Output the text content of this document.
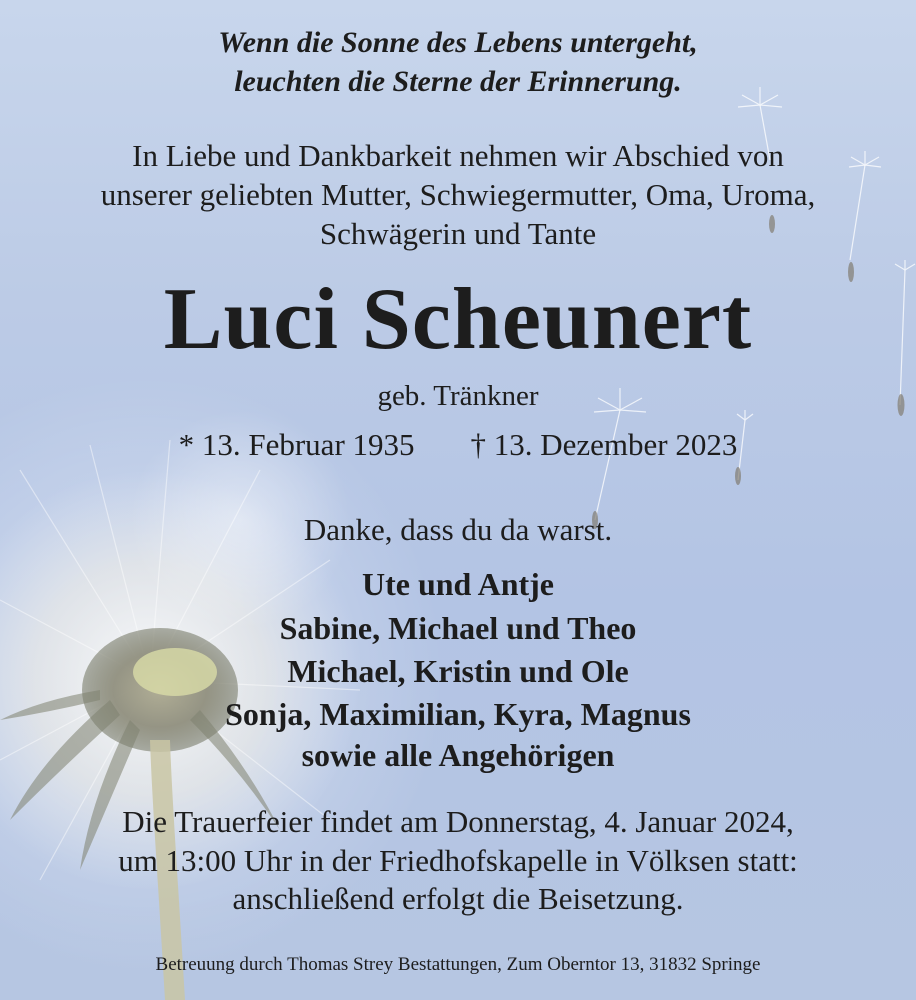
Wenn die Sonne des Lebens untergeht,
leuchten die Sterne der Erinnerung.
In Liebe und Dankbarkeit nehmen wir Abschied von
unserer geliebten Mutter, Schwiegermutter, Oma, Uroma,
Schwägerin und Tante
Luci Scheunert
geb. Tränkner
* 13. Februar 1935 † 13. Dezember 2023
Danke, dass du da warst.
Ute und Antje
Sabine, Michael und Theo
Michael, Kristin und Ole
Sonja, Maximilian, Kyra, Magnus
sowie alle Angehörigen
Die Trauerfeier findet am Donnerstag, 4. Januar 2024,
um 13:00 Uhr in der Friedhofskapelle in Völksen statt:
anschließend erfolgt die Beisetzung.
Betreuung durch Thomas Strey Bestattungen, Zum Oberntor 13, 31832 Springe
